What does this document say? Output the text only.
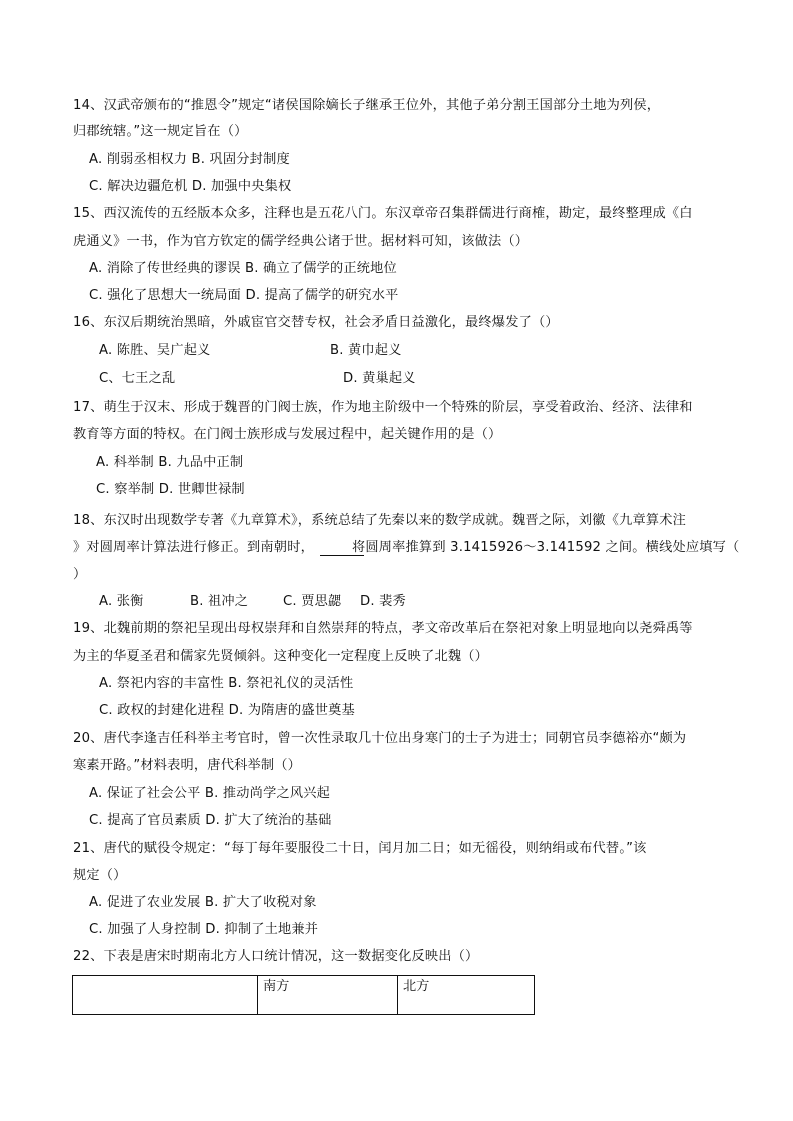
14、汉武帝颁布的“推恩令”规定“诸侯国除嫡长子继承王位外，其他子弟分割王国部分土地为列侯，
归郡统辖。”这一规定旨在（）
A. 削弱丞相权力 B. 巩固分封制度
C. 解决边疆危机 D. 加强中央集权
15、西汉流传的五经版本众多，注释也是五花八门。东汉章帝召集群儒进行商榷，勘定，最终整理成《白
虎通义》一书，作为官方钦定的儒学经典公诸于世。据材料可知，该做法（）
A. 消除了传世经典的谬误 B. 确立了儒学的正统地位
C. 强化了思想大一统局面 D. 提高了儒学的研究水平
16、东汉后期统治黑暗，外戚宦官交替专权，社会矛盾日益激化，最终爆发了（）
A. 陈胜、吴广起义	B. 黄巾起义
C、七王之乱	D. 黄巢起义
17、萌生于汉末、形成于魏晋的门阀士族，作为地主阶级中一个特殊的阶层，享受着政治、经济、法律和
教育等方面的特权。在门阀士族形成与发展过程中，起关键作用的是（）
A. 科举制 B. 九品中正制
C. 察举制 D. 世卿世禄制
18、东汉时出现数学专著《九章算术》，系统总结了先秦以来的数学成就。魏晋之际，刘徽《九章算术注
》对圆周率计算法进行修正。到南朝时，	将圆周率推算到 3.1415926～3.141592 之间。横线处应填写（
）
A. 张衡	B. 祖冲之	C. 贾思勰 D. 裴秀
19、北魏前期的祭祀呈现出母权崇拜和自然崇拜的特点，孝文帝改革后在祭祀对象上明显地向以尧舜禹等
为主的华夏圣君和儒家先贤倾斜。这种变化一定程度上反映了北魏（）
A. 祭祀内容的丰富性 B. 祭祀礼仪的灵活性
C. 政权的封建化进程 D. 为隋唐的盛世奠基
20、唐代李逢吉任科举主考官时，曾一次性录取几十位出身寒门的士子为进士；同朝官员李德裕亦“颇为
寒素开路。”材料表明，唐代科举制（）
A. 保证了社会公平 B. 推动尚学之风兴起
C. 提高了官员素质 D. 扩大了统治的基础
21、唐代的赋役令规定：“每丁每年要服役二十日，闰月加二日；如无徭役，则纳绢或布代替。”该
规定（）
A. 促进了农业发展 B. 扩大了收税对象
C. 加强了人身控制 D. 抑制了土地兼并
22、下表是唐宋时期南北方人口统计情况，这一数据变化反映出（）
	南方	北方
